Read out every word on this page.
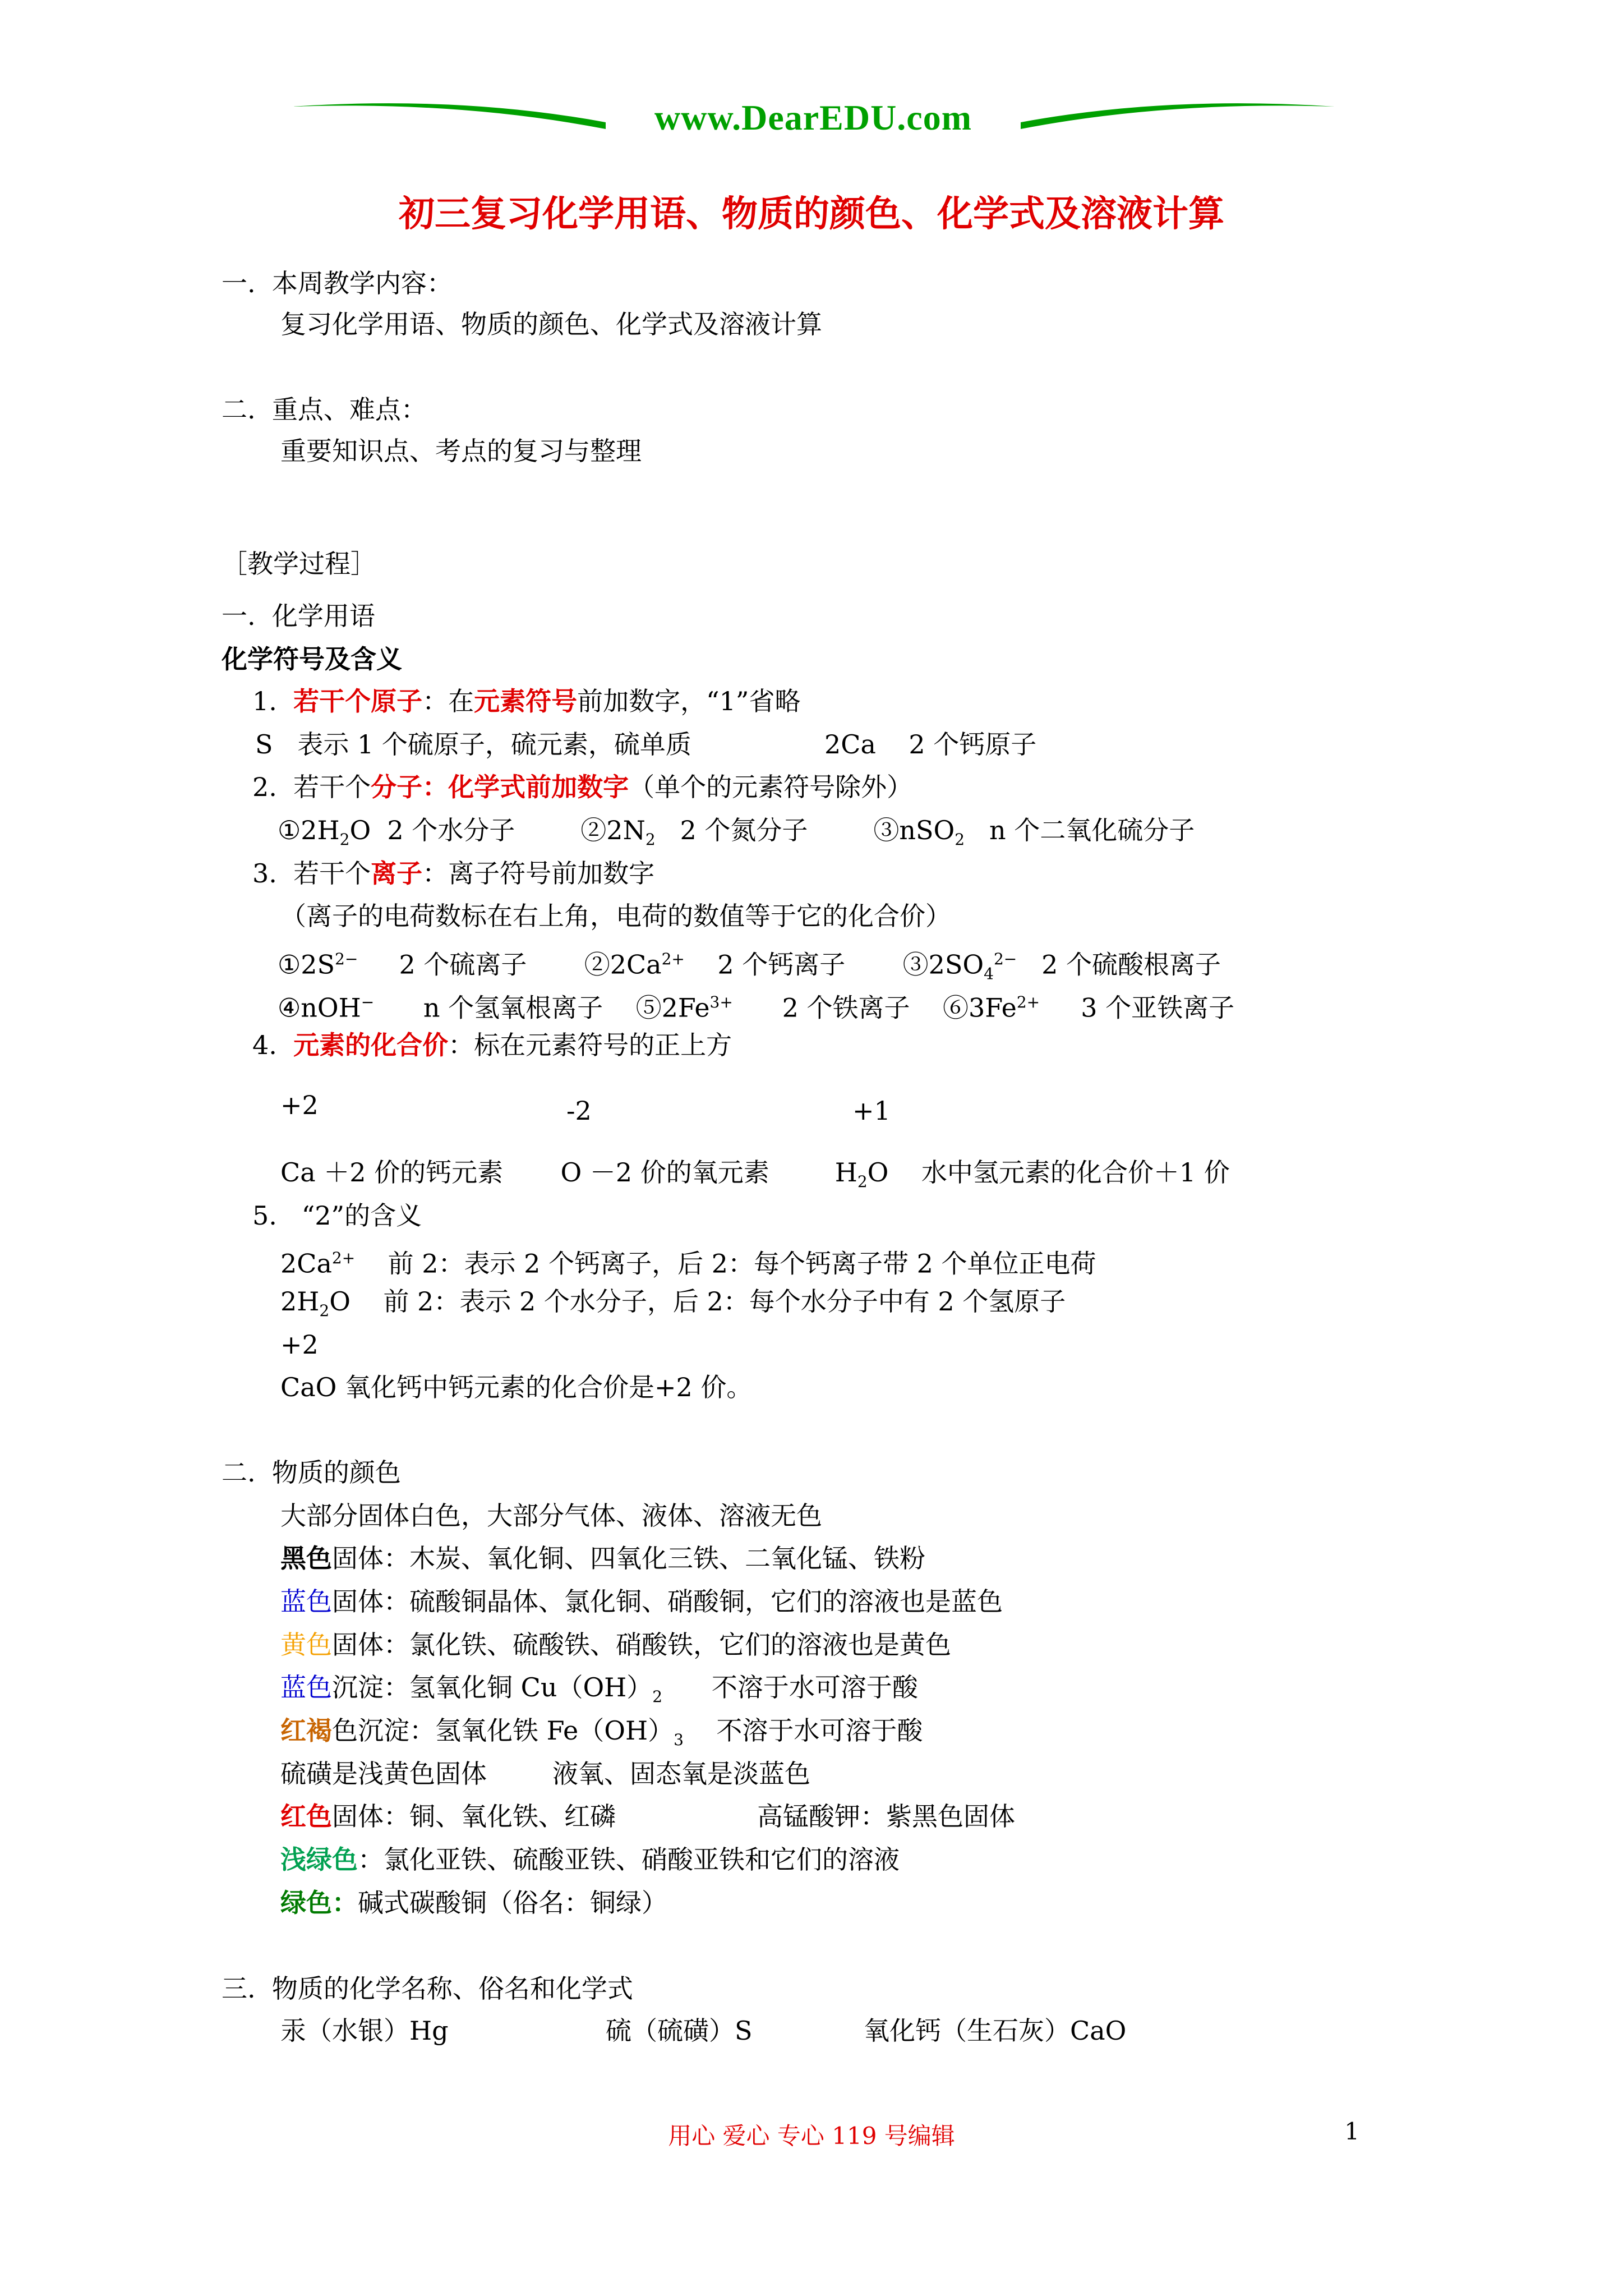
www.DearEDU.com
初三复习化学用语、物质的颜色、化学式及溶液计算
一. 本周教学内容：
复习化学用语、物质的颜色、化学式及溶液计算
二. 重点、难点：
重要知识点、考点的复习与整理
［教学过程］
一. 化学用语
化学符号及含义
1. 若干个原子：在元素符号前加数字，“1”省略
S 表示 1 个硫原子，硫元素，硫单质	2Ca 2 个钙原子
2. 若干个分子：化学式前加数字（单个的元素符号除外）
$①2H_2O$ 2 个水分子	$②2N_2$ 2 个氮分子	③nSO$_2$ n 个二氧化硫分子
3. 若干个离子：离子符号前加数字
（离子的电荷数标在右上角，电荷的数值等于它的化合价）
$①2S^{2-}$ 2 个硫离子 $②2Ca^{2+}$ 2 个钙离子 $③2SO_4^{2-}$ 2 个硫酸根离子
④nOH− n 个氢氧根离子 $⑤2Fe^{3+}$ 2 个铁离子 $⑥3Fe^{2+}$ 3 个亚铁离子
4. 元素的化合价：标在元素符号的正上方
+2	-2	+1
Ca ＋2 价的钙元素 O －2 价的氧元素	$H_2O$ 水中氢元素的化合价＋1 价
5. “2”的含义
$2Ca^{2+}$ 前 2：表示 2 个钙离子，后 2：每个钙离子带 2 个单位正电荷
$2H_2O$ 前 2：表示 2 个水分子，后 2：每个水分子中有 2 个氢原子
+2
CaO 氧化钙中钙元素的化合价是+2 价。
二. 物质的颜色
大部分固体白色，大部分气体、液体、溶液无色
黑色固体：木炭、氧化铜、四氧化三铁、二氧化锰、铁粉
蓝色固体：硫酸铜晶体、氯化铜、硝酸铜，它们的溶液也是蓝色
黄色固体：氯化铁、硫酸铁、硝酸铁，它们的溶液也是黄色
蓝色沉淀：氢氧化铜 $Cu(OH)_2$ 不溶于水可溶于酸
红褐色沉淀：氢氧化铁 $Fe(OH)_3$ 不溶于水可溶于酸
硫磺是浅黄色固体	液氧、固态氧是淡蓝色
红色固体：铜、氧化铁、红磷	高锰酸钾：紫黑色固体
浅绿色：氯化亚铁、硫酸亚铁、硝酸亚铁和它们的溶液
绿色：碱式碳酸铜（俗名：铜绿）
三. 物质的化学名称、俗名和化学式
汞（水银）Hg	硫（硫磺）S	氧化钙（生石灰）CaO
用心 爱心 专心 119 号编辑	1
